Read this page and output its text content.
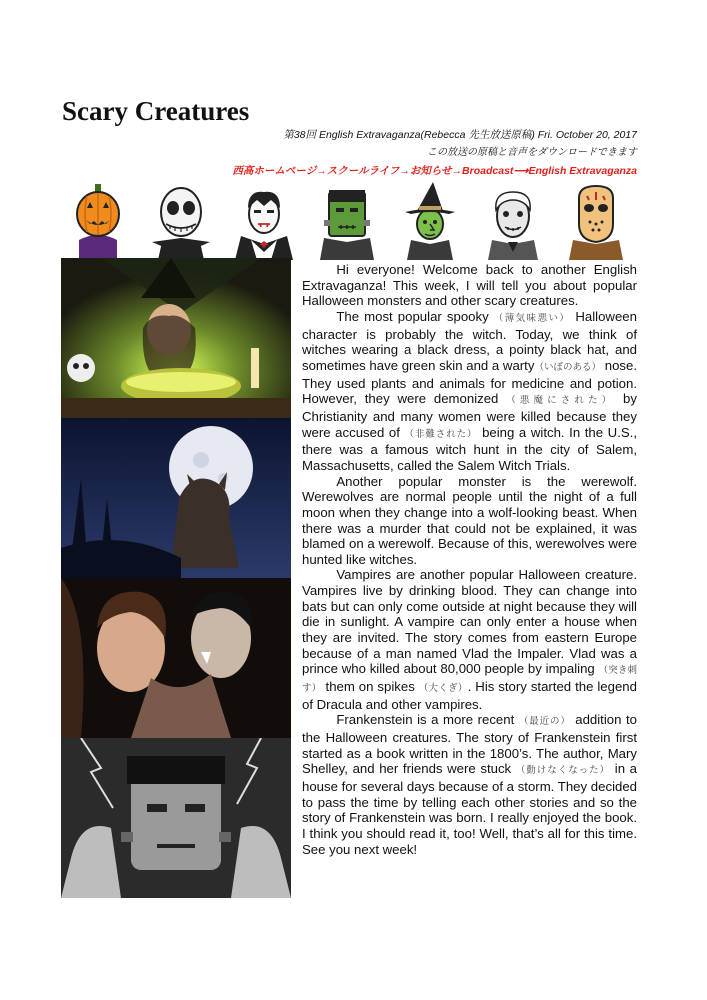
Scary Creatures
第38回 English Extravaganza(Rebecca 先生放送原稿) Fri. October 20, 2017
この放送の原稿と音声をダウンロードできます
西高ホームページ→スクールライフ→お知らせ→Broadcast⟶English Extravaganza

Hi everyone! Welcome back to another English Extravaganza! This week, I will tell you about popular Halloween monsters and other scary creatures.

The most popular spooky （薄気味悪い） Halloween character is probably the witch. Today, we think of witches wearing a black dress, a pointy black hat, and sometimes have green skin and a warty（いぼのある） nose. They used plants and animals for medicine and potion. However, they were demonized （悪魔にされた） by Christianity and many women were killed because they were accused of （非難された） being a witch. In the U.S., there was a famous witch hunt in the city of Salem, Massachusetts, called the Salem Witch Trials.

Another popular monster is the werewolf. Werewolves are normal people until the night of a full moon when they change into a wolf-looking beast. When there was a murder that could not be explained, it was blamed on a werewolf. Because of this, werewolves were hunted like witches.

Vampires are another popular Halloween creature. Vampires live by drinking blood. They can change into bats but can only come outside at night because they will die in sunlight. A vampire can only enter a house when they are invited. The story comes from eastern Europe because of a man named Vlad the Impaler. Vlad was a prince who killed about 80,000 people by impaling （突き刺す） them on spikes （大くぎ）. His story started the legend of Dracula and other vampires.

Frankenstein is a more recent （最近の） addition to the Halloween creatures. The story of Frankenstein first started as a book written in the 1800’s. The author, Mary Shelley, and her friends were stuck （動けなくなった） in a house for several days because of a storm. They decided to pass the time by telling each other stories and so the story of Frankenstein was born. I really enjoyed the book. I think you should read it, too! Well, that’s all for this time. See you next week!
